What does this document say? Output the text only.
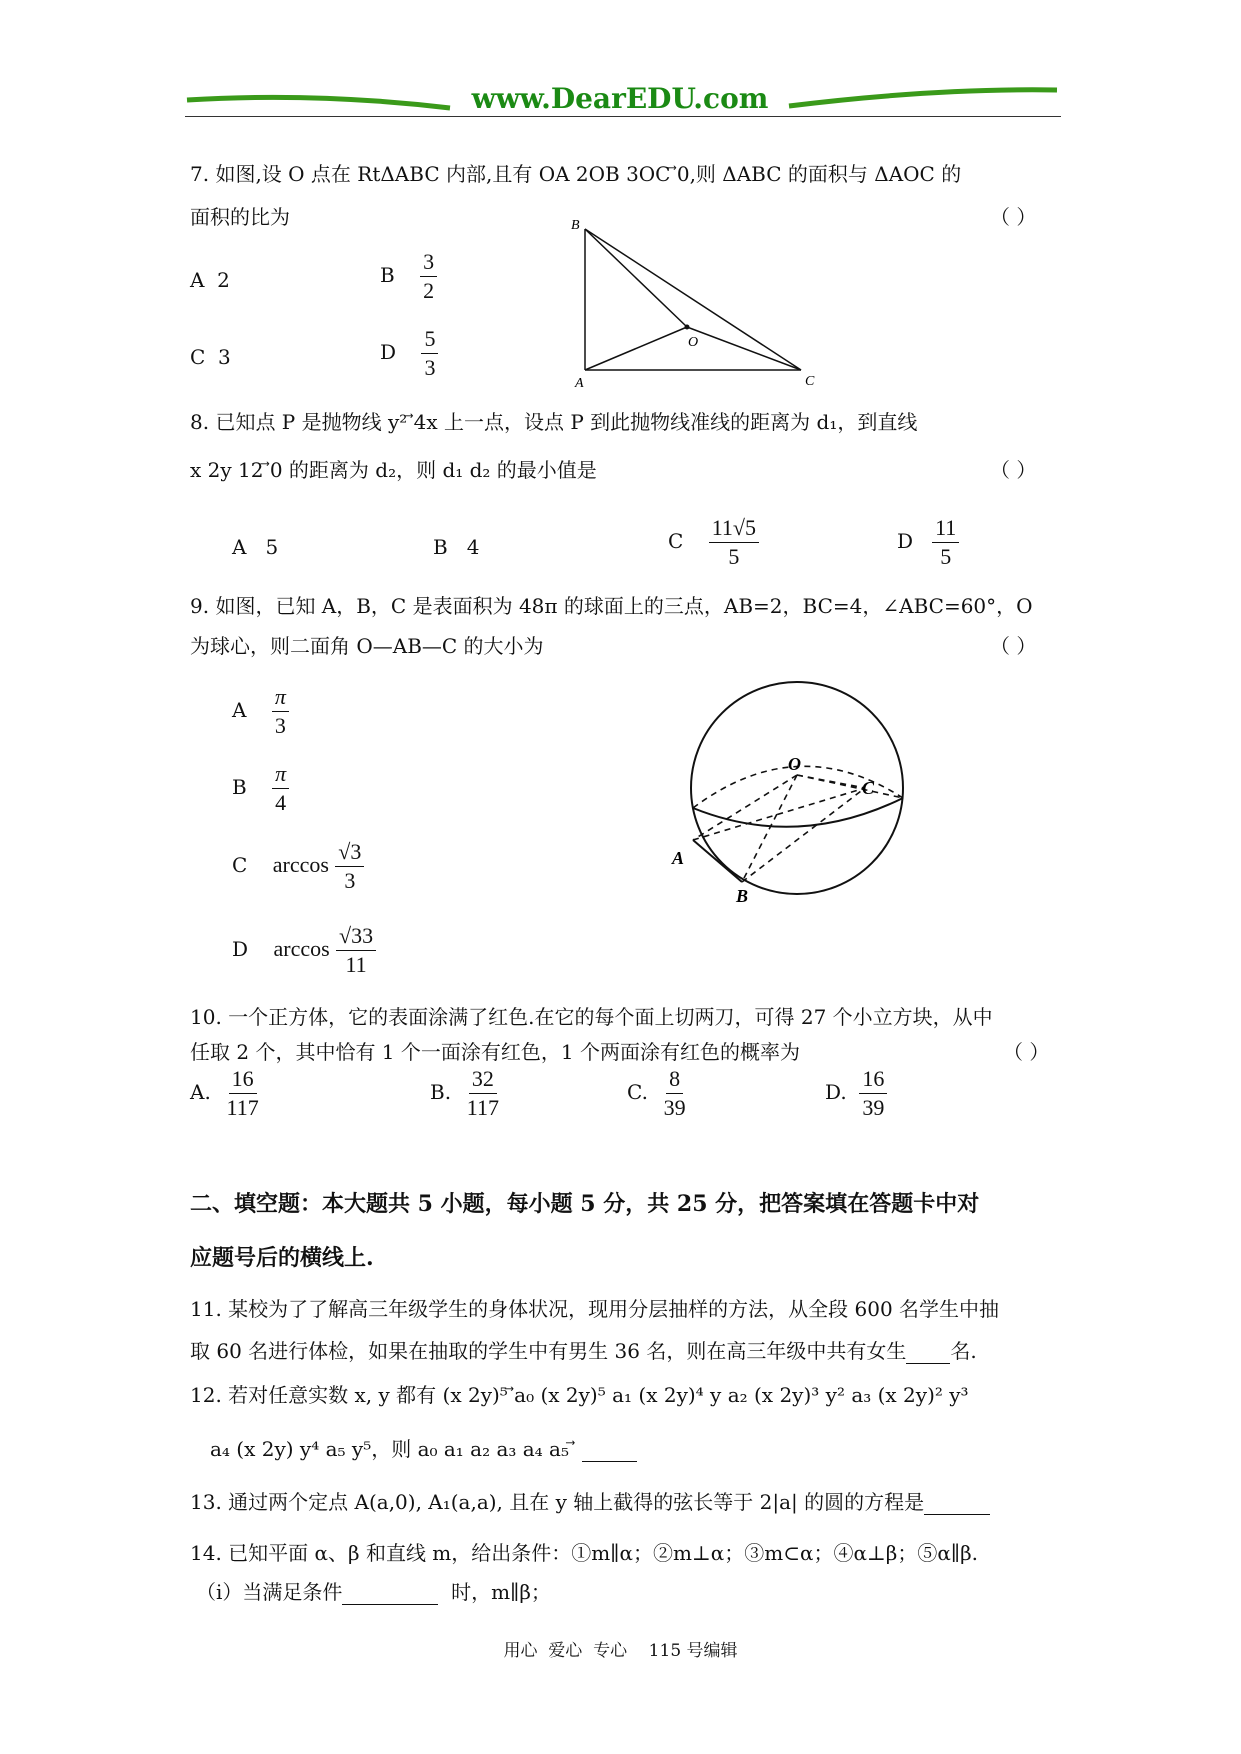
www.DearEDU.com
7. 如图,设 O 点在 RtΔABC 内部,且有 OA 2OB 3OC ⃗0,则 ΔABC 的面积与 ΔAOC 的
面积的比为	（ ）
A 2	B $\frac{3}{2}$
C 3	D $\frac{5}{3}$
B
O
A	C
8. 已知点 P 是抛物线 y² ⃗4x 上一点，设点 P 到此抛物线准线的距离为 d₁，到直线
x 2y 12 ⃗0 的距离为 d₂，则 d₁ d₂ 的最小值是	（ ）
A 5	B 4	C $\frac{11√5}{5}$	D $\frac{11}{5}$
9. 如图，已知 A，B，C 是表面积为 48π 的球面上的三点，AB=2，BC=4，∠ABC=60°，O
为球心，则二面角 O—AB—C 的大小为	（ ）
A $\frac{\pi}{3}$
B $\frac{\pi}{4}$
C $\arccos \frac{√3}{3}$
D $\arccos \frac{√33}{11}$
O
C
A
B
10. 一个正方体，它的表面涂满了红色.在它的每个面上切两刀，可得 27 个小立方块，从中
任取 2 个，其中恰有 1 个一面涂有红色，1 个两面涂有红色的概率为	（ ）
A. $\frac{16}{117}$	B. $\frac{32}{117}$	C. $\frac{8}{39}$	D. $\frac{16}{39}$
二、填空题：本大题共 5 小题，每小题 5 分，共 25 分，把答案填在答题卡中对
应题号后的横线上.
11. 某校为了了解高三年级学生的身体状况，现用分层抽样的方法，从全段 600 名学生中抽
取 60 名进行体检，如果在抽取的学生中有男生 36 名，则在高三年级中共有女生 名.
12. 若对任意实数 x, y 都有 (x 2y)⁵ ⃗a₀ (x 2y)⁵ a₁ (x 2y)⁴ y a₂ (x 2y)³ y² a₃ (x 2y)² y³
a₄ (x 2y) y⁴ a₅ y⁵，则 a₀ a₁ a₂ a₃ a₄ a₅ ⃗
13. 通过两个定点 A(a,0), A₁(a,a), 且在 y 轴上截得的弦长等于 2|a| 的圆的方程是
14. 已知平面 α、β 和直线 m，给出条件：①m∥α；②m⊥α；③m⊂α；④α⊥β；⑤α∥β.
（i）当满足条件	时，m∥β；
用心  爱心  专心    115 号编辑
